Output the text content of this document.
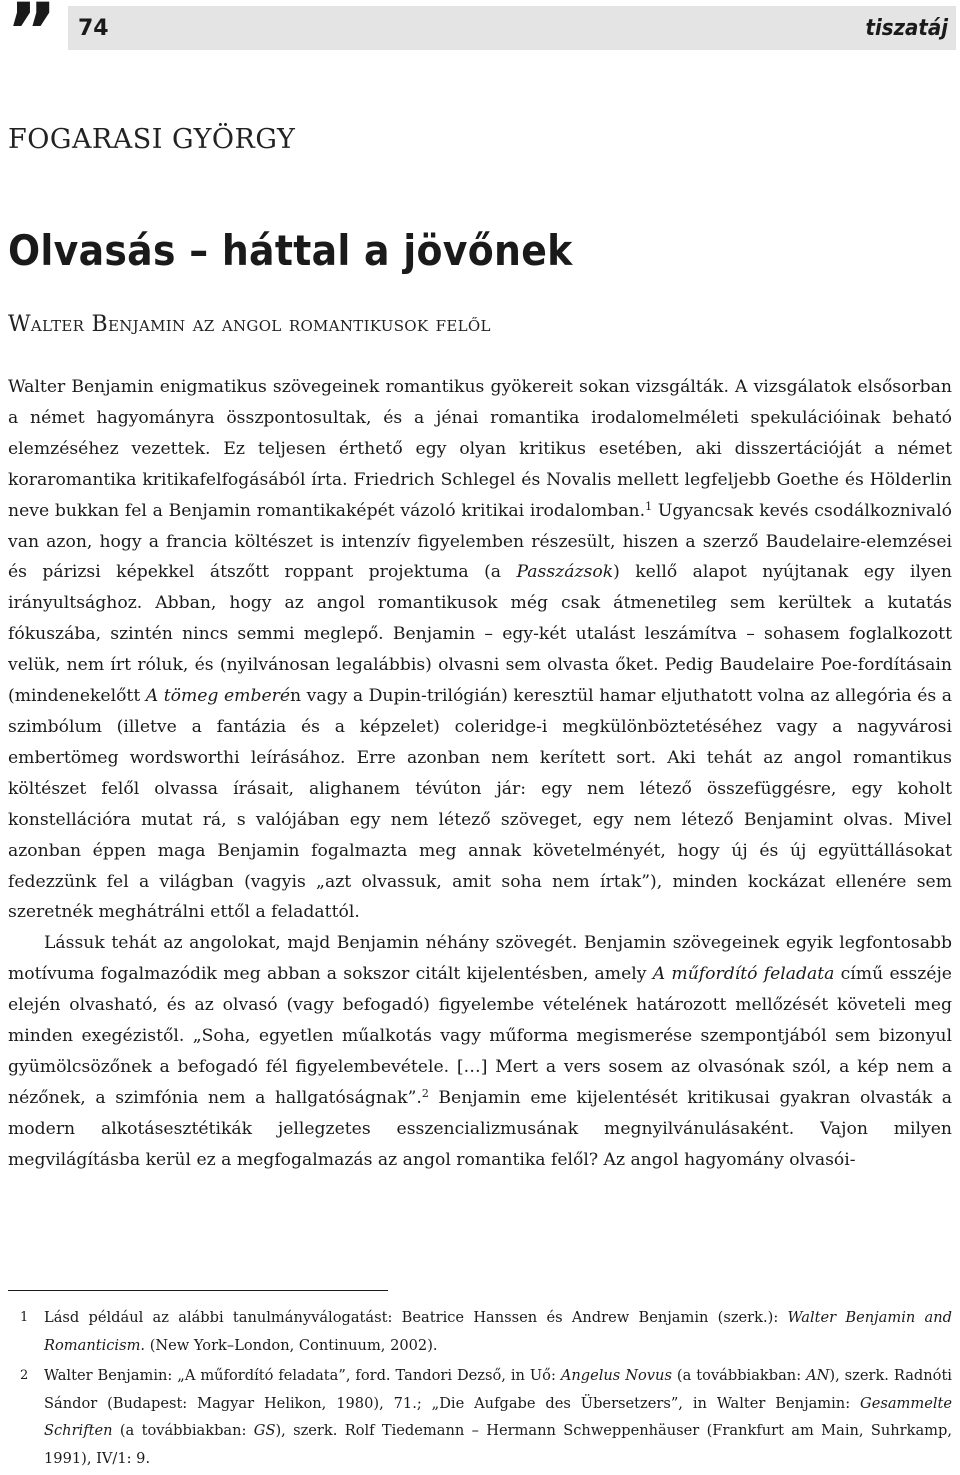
” 74	tiszatáj
FOGARASI GYÖRGY
Olvasás – háttal a jövőnek
Walter Benjamin az angol romantikusok felől

Walter Benjamin enigmatikus szövegeinek romantikus gyökereit sokan vizsgálták. A vizsgálatok elsősorban a német hagyományra összpontosultak, és a jénai romantika irodalomelméleti spekulációinak beható elemzéséhez vezettek. Ez teljesen érthető egy olyan kritikus esetében, aki disszertációját a német koraromantika kritikafelfogásából írta. Friedrich Schlegel és Novalis mellett legfeljebb Goethe és Hölderlin neve bukkan fel a Benjamin romantikaképét vázoló kritikai irodalomban.$^1$ Ugyancsak kevés csodálkoznivaló van azon, hogy a francia költészet is intenzív figyelemben részesült, hiszen a szerző Baudelaire-elemzései és párizsi képekkel átszőtt roppant projektuma (a Passzázsok) kellő alapot nyújtanak egy ilyen irányultsághoz. Abban, hogy az angol romantikusok még csak átmenetileg sem kerültek a kutatás fókuszába, szintén nincs semmi meglepő. Benjamin – egy-két utalást leszámítva – sohasem foglalkozott velük, nem írt róluk, és (nyilvánosan legalábbis) olvasni sem olvasta őket. Pedig Baudelaire Poe-fordításain (mindenekelőtt A tömeg emberén vagy a Dupin-trilógián) keresztül hamar eljuthatott volna az allegória és a szimbólum (illetve a fantázia és a képzelet) coleridge-i megkülönböztetéséhez vagy a nagyvárosi embertömeg wordsworthi leírásához. Erre azonban nem kerített sort. Aki tehát az angol romantikus költészet felől olvassa írásait, alighanem tévúton jár: egy nem létező összefüggésre, egy koholt konstellációra mutat rá, s valójában egy nem létező szöveget, egy nem létező Benjamint olvas. Mivel azonban éppen maga Benjamin fogalmazta meg annak követelményét, hogy új és új együttállásokat fedezzünk fel a világban (vagyis „azt olvassuk, amit soha nem írtak”), minden kockázat ellenére sem szeretnék meghátrálni ettől a feladattól.

Lássuk tehát az angolokat, majd Benjamin néhány szövegét. Benjamin szövegeinek egyik legfontosabb motívuma fogalmazódik meg abban a sokszor citált kijelentésben, amely A műfordító feladata című esszéje elején olvasható, és az olvasó (vagy befogadó) figyelembe vételének határozott mellőzését követeli meg minden exegézistől. „Soha, egyetlen műalkotás vagy műforma megismerése szempontjából sem bizonyul gyümölcsözőnek a befogadó fél figyelembevétele. […] Mert a vers sosem az olvasónak szól, a kép nem a nézőnek, a szimfónia nem a hallgatóságnak”.$^2$ Benjamin eme kijelentését kritikusai gyakran olvasták a modern alkotásesztétikák jellegzetes esszencializmusának megnyilvánulásaként. Vajon milyen megvilágításba kerül ez a megfogalmazás az angol romantika felől? Az angol hagyomány olvasói-

1 Lásd például az alábbi tanulmányválogatást: Beatrice Hanssen és Andrew Benjamin (szerk.): Walter Benjamin and Romanticism. (New York–London, Continuum, 2002).
2 Walter Benjamin: „A műfordító feladata”, ford. Tandori Dezső, in Uő: Angelus Novus (a továbbiakban: AN), szerk. Radnóti Sándor (Budapest: Magyar Helikon, 1980), 71.; „Die Aufgabe des Übersetzers”, in Walter Benjamin: Gesammelte Schriften (a továbbiakban: GS), szerk. Rolf Tiedemann – Hermann Schweppenhäuser (Frankfurt am Main, Suhrkamp, 1991), IV/1: 9.
